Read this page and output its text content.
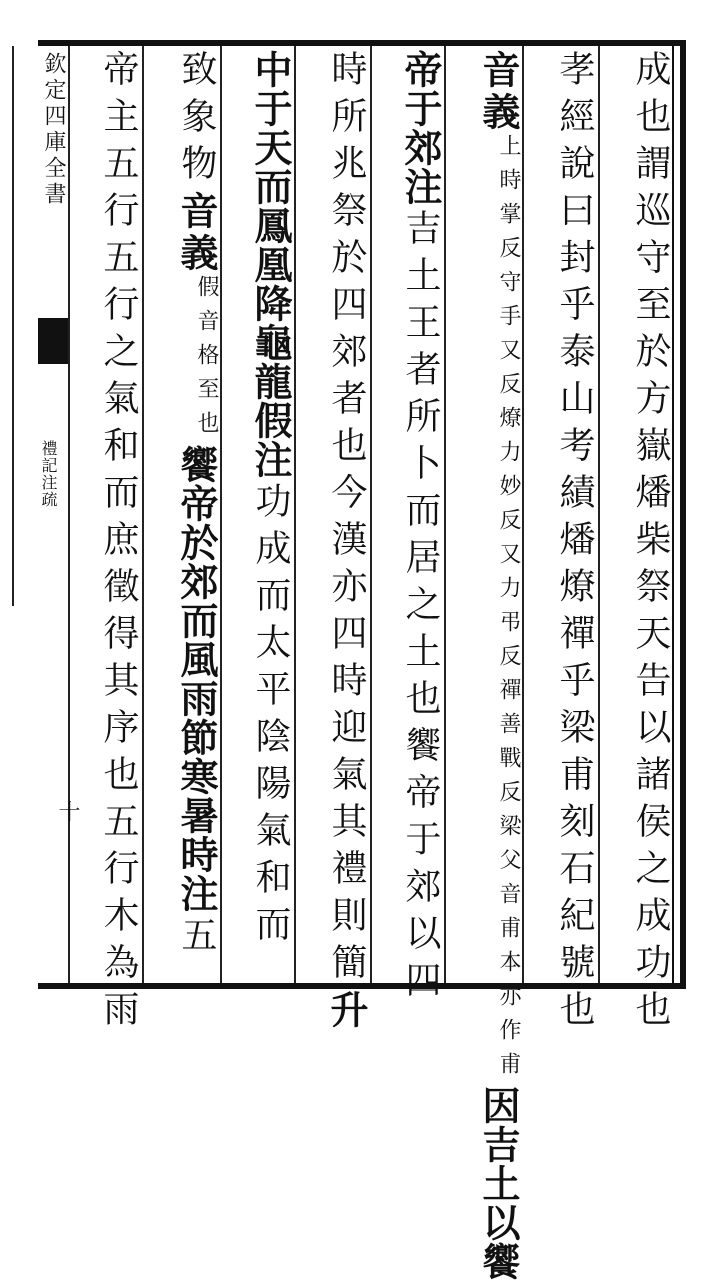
欽定四庫全書
禮記注疏
十	成也謂巡守至於方嶽燔柴祭天告以諸侯之成功也
孝經說曰封乎泰山考績燔燎禪乎梁甫刻石紀號也
音義上時掌反守手又反燎力妙反又力弔反禪善戰反梁父音甫本亦作甫因吉土以饗
帝于郊注吉土王者所卜而居之土也饗帝于郊以四
時所兆祭於四郊者也今漢亦四時迎氣其禮則簡升
中于天而鳳凰降龜龍假注功成而太平陰陽氣和而
致象物音義假音格至也饗帝於郊而風雨節寒暑時注五
帝主五行五行之氣和而庶徵得其序也五行木為雨
